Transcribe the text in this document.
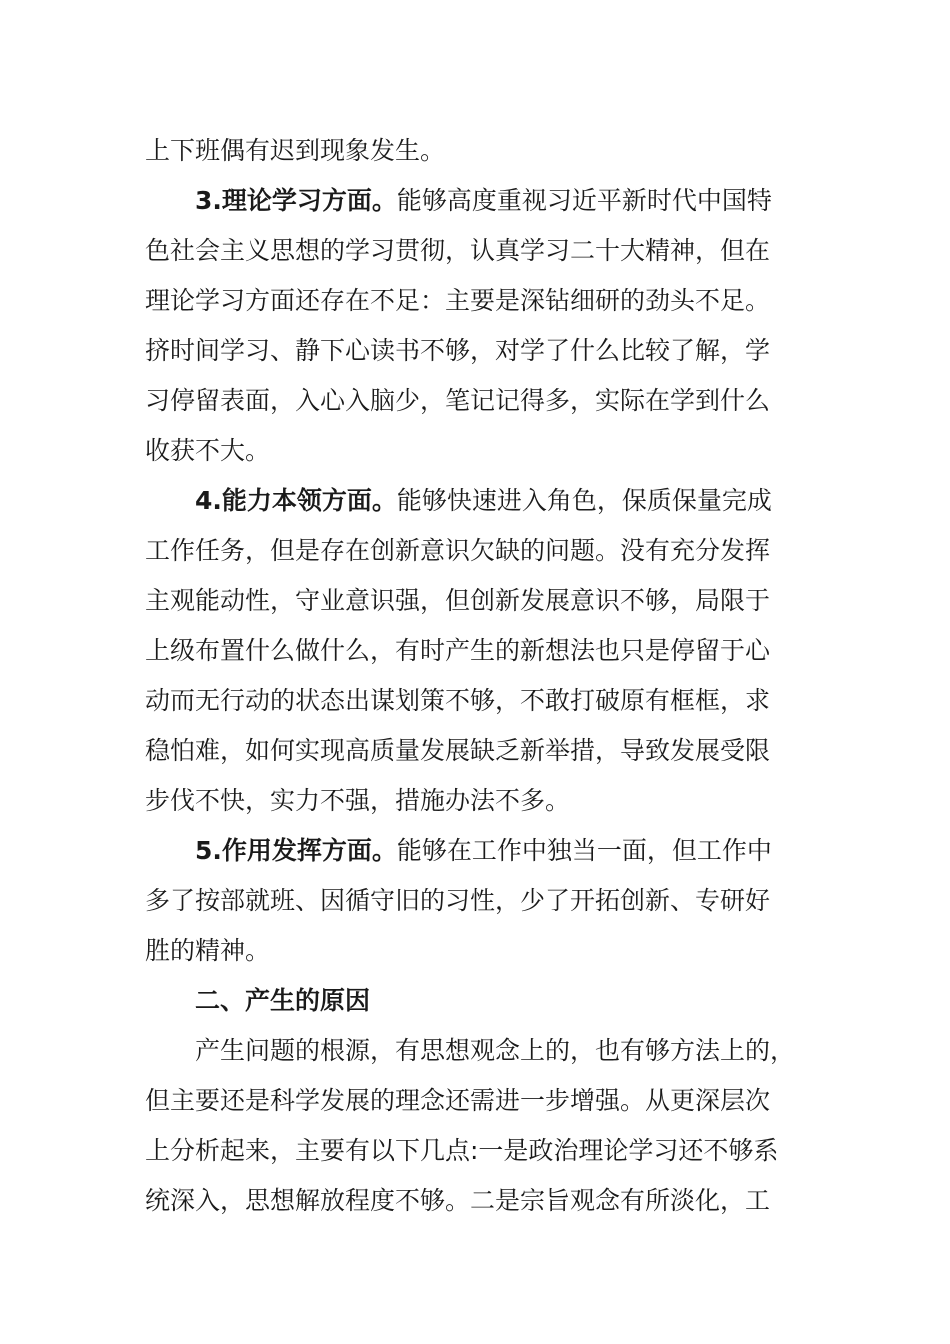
上下班偶有迟到现象发生。
3.理论学习方面。能够高度重视习近平新时代中国特
色社会主义思想的学习贯彻，认真学习二十大精神，但在
理论学习方面还存在不足：主要是深钻细研的劲头不足。
挤时间学习、静下心读书不够，对学了什么比较了解，学
习停留表面，入心入脑少，笔记记得多，实际在学到什么
收获不大。
4.能力本领方面。能够快速进入角色，保质保量完成
工作任务，但是存在创新意识欠缺的问题。没有充分发挥
主观能动性，守业意识强，但创新发展意识不够，局限于
上级布置什么做什么，有时产生的新想法也只是停留于心
动而无行动的状态出谋划策不够，不敢打破原有框框，求
稳怕难，如何实现高质量发展缺乏新举措，导致发展受限
步伐不快，实力不强，措施办法不多。
5.作用发挥方面。能够在工作中独当一面，但工作中
多了按部就班、因循守旧的习性，少了开拓创新、专研好
胜的精神。
二、产生的原因
产生问题的根源，有思想观念上的，也有够方法上的，
但主要还是科学发展的理念还需进一步增强。从更深层次
上分析起来，主要有以下几点:一是政治理论学习还不够系
统深入，思想解放程度不够。二是宗旨观念有所淡化，工
